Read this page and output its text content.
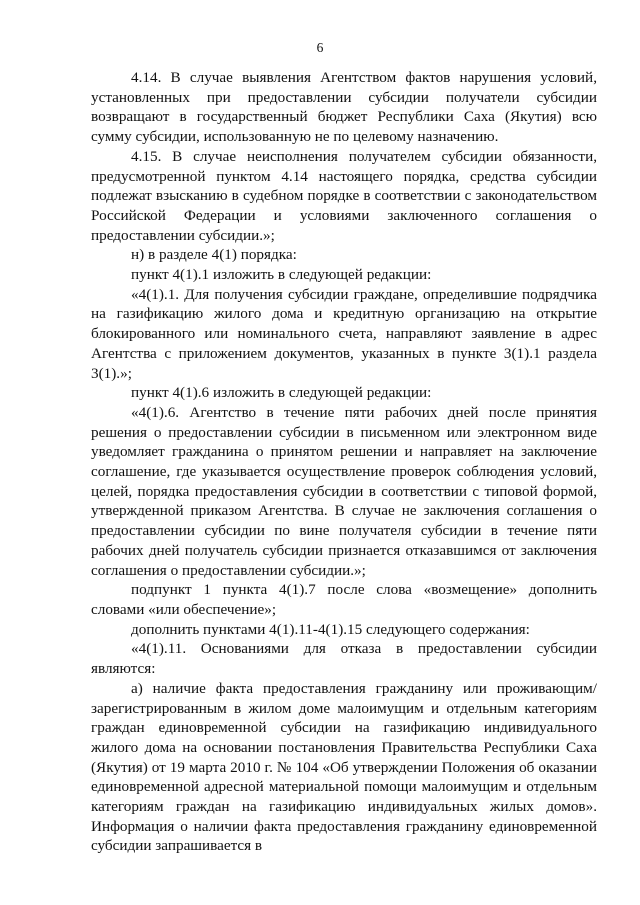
6

4.14. В случае выявления Агентством фактов нарушения условий, установленных при предоставлении субсидии получатели субсидии возвращают в государственный бюджет Республики Саха (Якутия) всю сумму субсидии, использованную не по целевому назначению.

4.15. В случае неисполнения получателем субсидии обязанности, предусмотренной пунктом 4.14 настоящего порядка, средства субсидии подлежат взысканию в судебном порядке в соответствии с законодательством Российской Федерации и условиями заключенного соглашения о предоставлении субсидии.»;

н) в разделе 4(1) порядка:

пункт 4(1).1 изложить в следующей редакции:

«4(1).1. Для получения субсидии граждане, определившие подрядчика на газификацию жилого дома и кредитную организацию на открытие блокированного или номинального счета, направляют заявление в адрес Агентства с приложением документов, указанных в пункте 3(1).1 раздела 3(1).»;

пункт 4(1).6 изложить в следующей редакции:

«4(1).6. Агентство в течение пяти рабочих дней после принятия решения о предоставлении субсидии в письменном или электронном виде уведомляет гражданина о принятом решении и направляет на заключение соглашение, где указывается осуществление проверок соблюдения условий, целей, порядка предоставления субсидии в соответствии с типовой формой, утвержденной приказом Агентства. В случае не заключения соглашения о предоставлении субсидии по вине получателя субсидии в течение пяти рабочих дней получатель субсидии признается отказавшимся от заключения соглашения о предоставлении субсидии.»;

подпункт 1 пункта 4(1).7 после слова «возмещение» дополнить словами «или обеспечение»;

дополнить пунктами 4(1).11-4(1).15 следующего содержания:

«4(1).11. Основаниями для отказа в предоставлении субсидии являются:

а) наличие факта предоставления гражданину или проживающим/зарегистрированным в жилом доме малоимущим и отдельным категориям граждан единовременной субсидии на газификацию индивидуального жилого дома на основании постановления Правительства Республики Саха (Якутия) от 19 марта 2010 г. № 104 «Об утверждении Положения об оказании единовременной адресной материальной помощи малоимущим и отдельным категориям граждан на газификацию индивидуальных жилых домов». Информация о наличии факта предоставления гражданину единовременной субсидии запрашивается в
